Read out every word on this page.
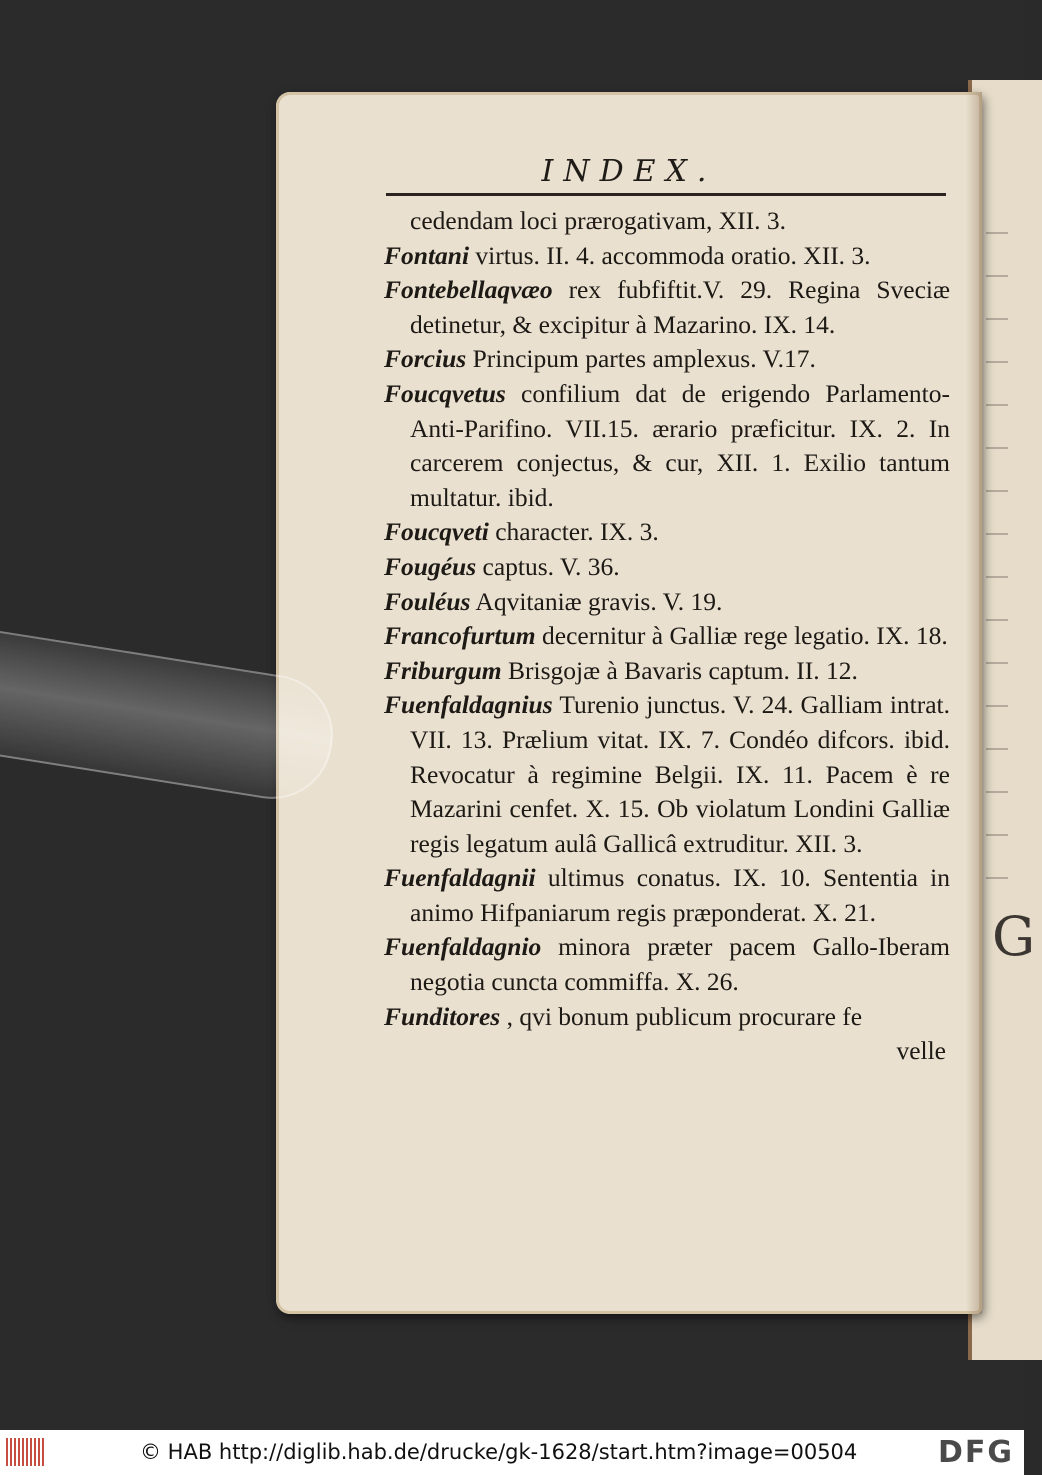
G
INDEX.
cedendam loci prærogativam, XII. 3.
Fontani virtus. II. 4. accommoda oratio. XII. 3.
Fontebellaqvæo rex fubfiftit.V. 29. Regina Sveciæ detinetur, & excipitur à Mazarino. IX. 14.
Forcius Principum partes amplexus. V.17.
Foucqvetus confilium dat de erigendo Parlamento-Anti-Parifino. VII.15. ærario præficitur. IX. 2. In carcerem conjectus, & cur, XII. 1. Exilio tantum multatur. ibid.
Foucqveti character. IX. 3.
Fougéus captus. V. 36.
Fouléus Aqvitaniæ gravis. V. 19.
Francofurtum decernitur à Galliæ rege legatio. IX. 18.
Friburgum Brisgojæ à Bavaris captum. II. 12.
Fuenfaldagnius Turenio junctus. V. 24. Galliam intrat. VII. 13. Prælium vitat. IX. 7. Condéo difcors. ibid. Revocatur à regimine Belgii. IX. 11. Pacem è re Mazarini cenfet. X. 15. Ob violatum Londini Galliæ regis legatum aulâ Gallicâ extruditur. XII. 3.
Fuenfaldagnii ultimus conatus. IX. 10. Sententia in animo Hifpaniarum regis præponderat. X. 21.
Fuenfaldagnio minora præter pacem Gallo-Iberam negotia cuncta commiffa. X. 26.
Funditores , qvi bonum publicum procurare fe
velle
© HAB http://diglib.hab.de/drucke/gk-1628/start.htm?image=00504	DFG
